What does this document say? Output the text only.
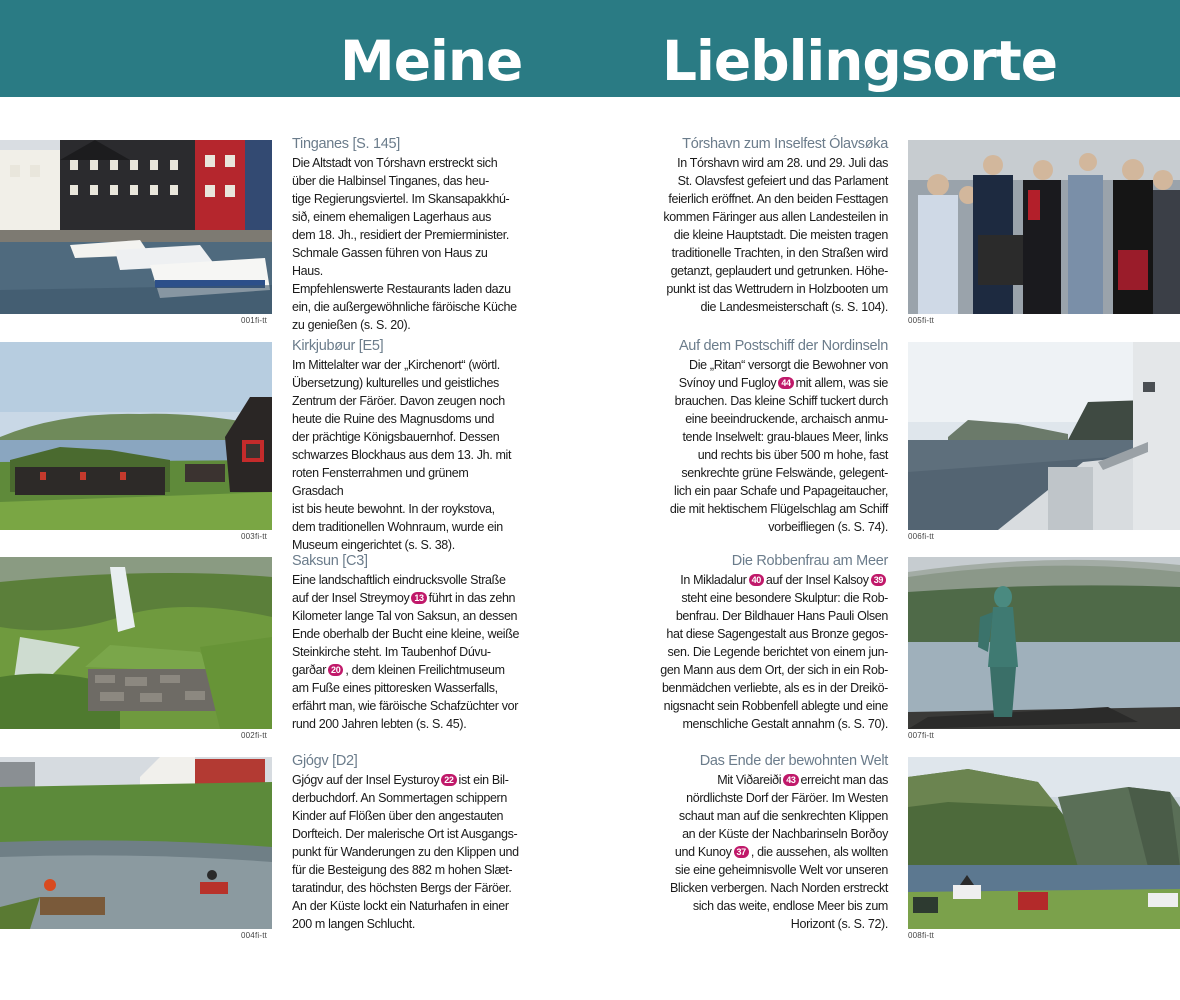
Meine	Lieblingsorte
001fi-tt
Tinganes [S. 145]
Die Altstadt von Tórshavn erstreckt sich
über die Halbinsel Tinganes, das heu-
tige Regierungsviertel. Im Skansapakkhú-
sið, einem ehemaligen Lagerhaus aus
dem 18. Jh., residiert der Premierminister.
Schmale Gassen führen von Haus zu Haus.
Empfehlenswerte Restaurants laden dazu
ein, die außergewöhnliche färöische Küche
zu genießen (s. S. 20).
003fi-tt
Kirkjubøur [E5]
Im Mittelalter war der „Kirchenort“ (wörtl.
Übersetzung) kulturelles und geistliches
Zentrum der Färöer. Davon zeugen noch
heute die Ruine des Magnusdoms und
der prächtige Königsbauernhof. Dessen
schwarzes Blockhaus aus dem 13. Jh. mit
roten Fensterrahmen und grünem Grasdach
ist bis heute bewohnt. In der roykstova,
dem traditionellen Wohnraum, wurde ein
Museum eingerichtet (s. S. 38).
002fi-tt
Saksun [C3]
Eine landschaftlich eindrucksvolle Straße
auf der Insel Streymoy 13 führt in das zehn
Kilometer lange Tal von Saksun, an dessen
Ende oberhalb der Bucht eine kleine, weiße
Steinkirche steht. Im Taubenhof Dúvu-
garðar 20 , dem kleinen Freilichtmuseum
am Fuße eines pittoresken Wasserfalls,
erfährt man, wie färöische Schafzüchter vor
rund 200 Jahren lebten (s. S. 45).
004fi-tt
Gjógv [D2]
Gjógv auf der Insel Eysturoy 22 ist ein Bil-
derbuchdorf. An Sommertagen schippern
Kinder auf Flößen über den angestauten
Dorfteich. Der malerische Ort ist Ausgangs-
punkt für Wanderungen zu den Klippen und
für die Besteigung des 882 m hohen Slæt-
taratindur, des höchsten Bergs der Färöer.
An der Küste lockt ein Naturhafen in einer
200 m langen Schlucht.
Tórshavn zum Inselfest Ólavsøka
In Tórshavn wird am 28. und 29. Juli das
St. Olavsfest gefeiert und das Parlament
feierlich eröffnet. An den beiden Festtagen
kommen Färinger aus allen Landesteilen in
die kleine Hauptstadt. Die meisten tragen
traditionelle Trachten, in den Straßen wird
getanzt, geplaudert und getrunken. Höhe-
punkt ist das Wettrudern in Holzbooten um
die Landesmeisterschaft (s. S. 104).
005fi-tt
Auf dem Postschiff der Nordinseln
Die „Ritan“ versorgt die Bewohner von
Svínoy und Fugloy 44 mit allem, was sie
brauchen. Das kleine Schiff tuckert durch
eine beeindruckende, archaisch anmu-
tende Inselwelt: grau-blaues Meer, links
und rechts bis über 500 m hohe, fast
senkrechte grüne Felswände, gelegent-
lich ein paar Schafe und Papageitaucher,
die mit hektischem Flügelschlag am Schiff
vorbeifliegen (s. S. 74).
006fi-tt
Die Robbenfrau am Meer
In Mikladalur 40 auf der Insel Kalsoy 39
steht eine besondere Skulptur: die Rob-
benfrau. Der Bildhauer Hans Pauli Olsen
hat diese Sagengestalt aus Bronze gegos-
sen. Die Legende berichtet von einem jun-
gen Mann aus dem Ort, der sich in ein Rob-
benmädchen verliebte, als es in der Dreikö-
nigsnacht sein Robbenfell ablegte und eine
menschliche Gestalt annahm (s. S. 70).
007fi-tt
Das Ende der bewohnten Welt
Mit Viðareiði 43 erreicht man das
nördlichste Dorf der Färöer. Im Westen
schaut man auf die senkrechten Klippen
an der Küste der Nachbarinseln Borðoy
und Kunoy 37 , die aussehen, als wollten
sie eine geheimnisvolle Welt vor unseren
Blicken verbergen. Nach Norden erstreckt
sich das weite, endlose Meer bis zum
Horizont (s. S. 72).
008fi-tt
